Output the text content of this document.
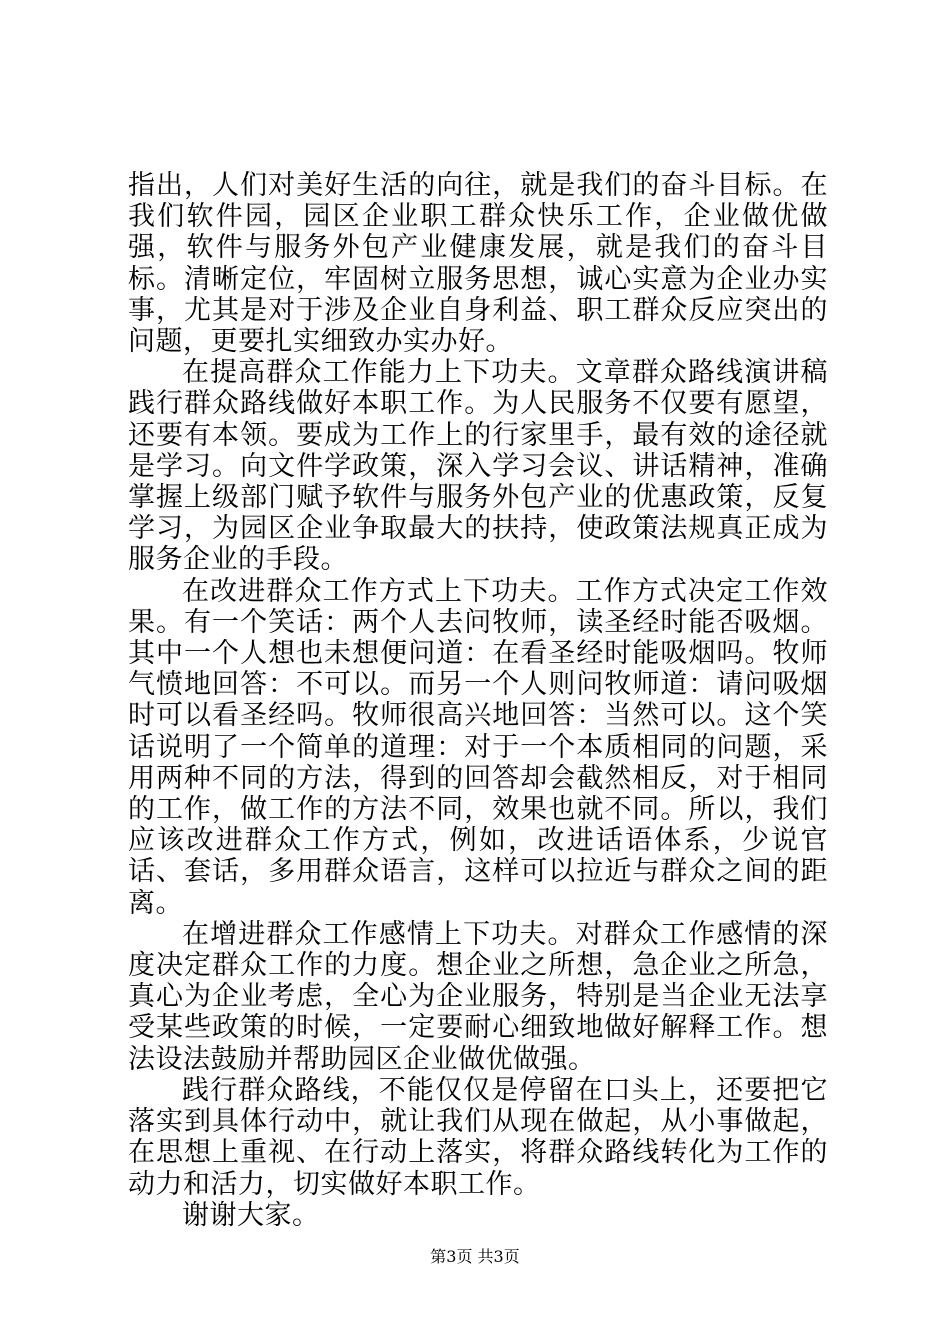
指出，人们对美好生活的向往，就是我们的奋斗目标。在我们软件园，园区企业职工群众快乐工作，企业做优做强，软件与服务外包产业健康发展，就是我们的奋斗目标。清晰定位，牢固树立服务思想，诚心实意为企业办实事，尤其是对于涉及企业自身利益、职工群众反应突出的问题，更要扎实细致办实办好。

在提高群众工作能力上下功夫。文章群众路线演讲稿践行群众路线做好本职工作。为人民服务不仅要有愿望，还要有本领。要成为工作上的行家里手，最有效的途径就是学习。向文件学政策，深入学习会议、讲话精神，准确掌握上级部门赋予软件与服务外包产业的优惠政策，反复学习，为园区企业争取最大的扶持，使政策法规真正成为服务企业的手段。

在改进群众工作方式上下功夫。工作方式决定工作效果。有一个笑话：两个人去问牧师，读圣经时能否吸烟。其中一个人想也未想便问道：在看圣经时能吸烟吗。牧师气愤地回答：不可以。而另一个人则问牧师道：请问吸烟时可以看圣经吗。牧师很高兴地回答：当然可以。这个笑话说明了一个简单的道理：对于一个本质相同的问题，采用两种不同的方法，得到的回答却会截然相反，对于相同的工作，做工作的方法不同，效果也就不同。所以，我们应该改进群众工作方式，例如，改进话语体系，少说官话、套话，多用群众语言，这样可以拉近与群众之间的距离。

在增进群众工作感情上下功夫。对群众工作感情的深度决定群众工作的力度。想企业之所想，急企业之所急，真心为企业考虑，全心为企业服务，特别是当企业无法享受某些政策的时候，一定要耐心细致地做好解释工作。想法设法鼓励并帮助园区企业做优做强。

践行群众路线，不能仅仅是停留在口头上，还要把它落实到具体行动中，就让我们从现在做起，从小事做起，在思想上重视、在行动上落实，将群众路线转化为工作的动力和活力，切实做好本职工作。

谢谢大家。

第3页 共3页
